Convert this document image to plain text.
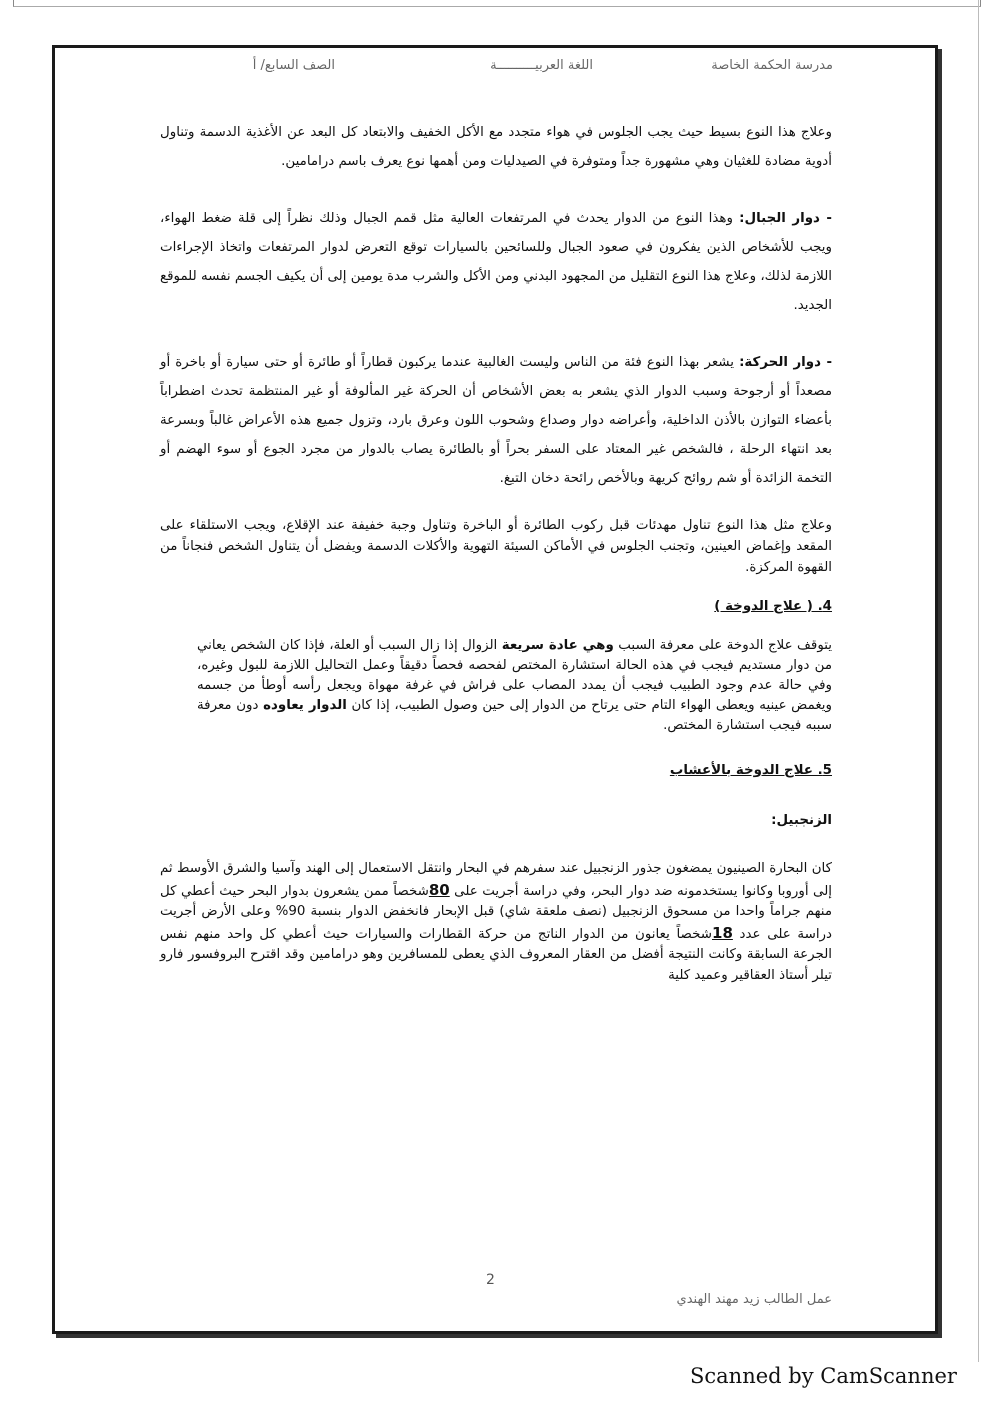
مدرسة الحكمة الخاصة
اللغة العربيــــــــــة
الصف السابع/ أ

وعلاج هذا النوع بسيط حيث يجب الجلوس في هواء متجدد مع الأكل الخفيف والابتعاد كل البعد عن الأغذية الدسمة وتناول أدوية مضادة للغثيان وهي مشهورة جداً ومتوفرة في الصيدليات ومن أهمها نوع يعرف باسم درامامين.

- دوار الجبال: وهذا النوع من الدوار يحدث في المرتفعات العالية مثل قمم الجبال وذلك نظراً إلى قلة ضغط الهواء، ويجب للأشخاص الذين يفكرون في صعود الجبال وللسائحين بالسيارات توقع التعرض لدوار المرتفعات واتخاذ الإجراءات اللازمة لذلك، وعلاج هذا النوع التقليل من المجهود البدني ومن الأكل والشرب مدة يومين إلى أن يكيف الجسم نفسه للموقع الجديد.

- دوار الحركة: يشعر بهذا النوع فئة من الناس وليست الغالبية عندما يركبون قطاراً أو طائرة أو حتى سيارة أو باخرة أو مصعداً أو أرجوحة وسبب الدوار الذي يشعر به بعض الأشخاص أن الحركة غير المألوفة أو غير المنتظمة تحدث اضطراباً بأعضاء التوازن بالأذن الداخلية، وأعراضه دوار وصداع وشحوب اللون وعرق بارد، وتزول جميع هذه الأعراض غالباً وبسرعة بعد انتهاء الرحلة ، فالشخص غير المعتاد على السفر بحراً أو بالطائرة يصاب بالدوار من مجرد الجوع أو سوء الهضم أو التخمة الزائدة أو شم روائح كريهة وبالأخص رائحة دخان التبغ.

وعلاج مثل هذا النوع تناول مهدئات قبل ركوب الطائرة أو الباخرة وتناول وجبة خفيفة عند الإقلاع، ويجب الاستلقاء على المقعد وإغماض العينين، وتجنب الجلوس في الأماكن السيئة التهوية والأكلات الدسمة ويفضل أن يتناول الشخص فنجاناً من القهوة المركزة.

4. ( علاج الدوخة )

يتوقف علاج الدوخة على معرفة السبب وهي عادة سريعة الزوال إذا زال السبب أو العلة، فإذا كان الشخص يعاني من دوار مستديم فيجب في هذه الحالة استشارة المختص لفحصه فحصاً دقيقاً وعمل التحاليل اللازمة للبول وغيره، وفي حالة عدم وجود الطبيب فيجب أن يمدد المصاب على فراش في غرفة مهواة ويجعل رأسه أوطأ من جسمه ويغمض عينيه ويعطى الهواء التام حتى يرتاح من الدوار إلى حين وصول الطبيب، إذا كان الدوار يعاوده دون معرفة سببه فيجب استشارة المختص.

5. علاج الدوخة بالأعشاب

الزنجبيل:

كان البحارة الصينيون يمضغون جذور الزنجبيل عند سفرهم في البحار وانتقل الاستعمال إلى الهند وآسيا والشرق الأوسط ثم إلى أوروبا وكانوا يستخدمونه ضد دوار البحر، وفي دراسة أجريت على 80شخصاً ممن يشعرون بدوار البحر حيث أعطي كل منهم جراماً واحدا من مسحوق الزنجبيل (نصف ملعقة شاي) قبل الإبحار فانخفض الدوار بنسبة 90% وعلى الأرض أجريت دراسة على عدد 18شخصاً يعانون من الدوار الناتج من حركة القطارات والسيارات حيث أعطي كل واحد منهم نفس الجرعة السابقة وكانت النتيجة أفضل من العقار المعروف الذي يعطى للمسافرين وهو درامامين وقد اقترح البروفسور فارو تيلر أستاذ العقاقير وعميد كلية

2
عمل الطالب زيد مهند الهندي
Scanned by CamScanner
